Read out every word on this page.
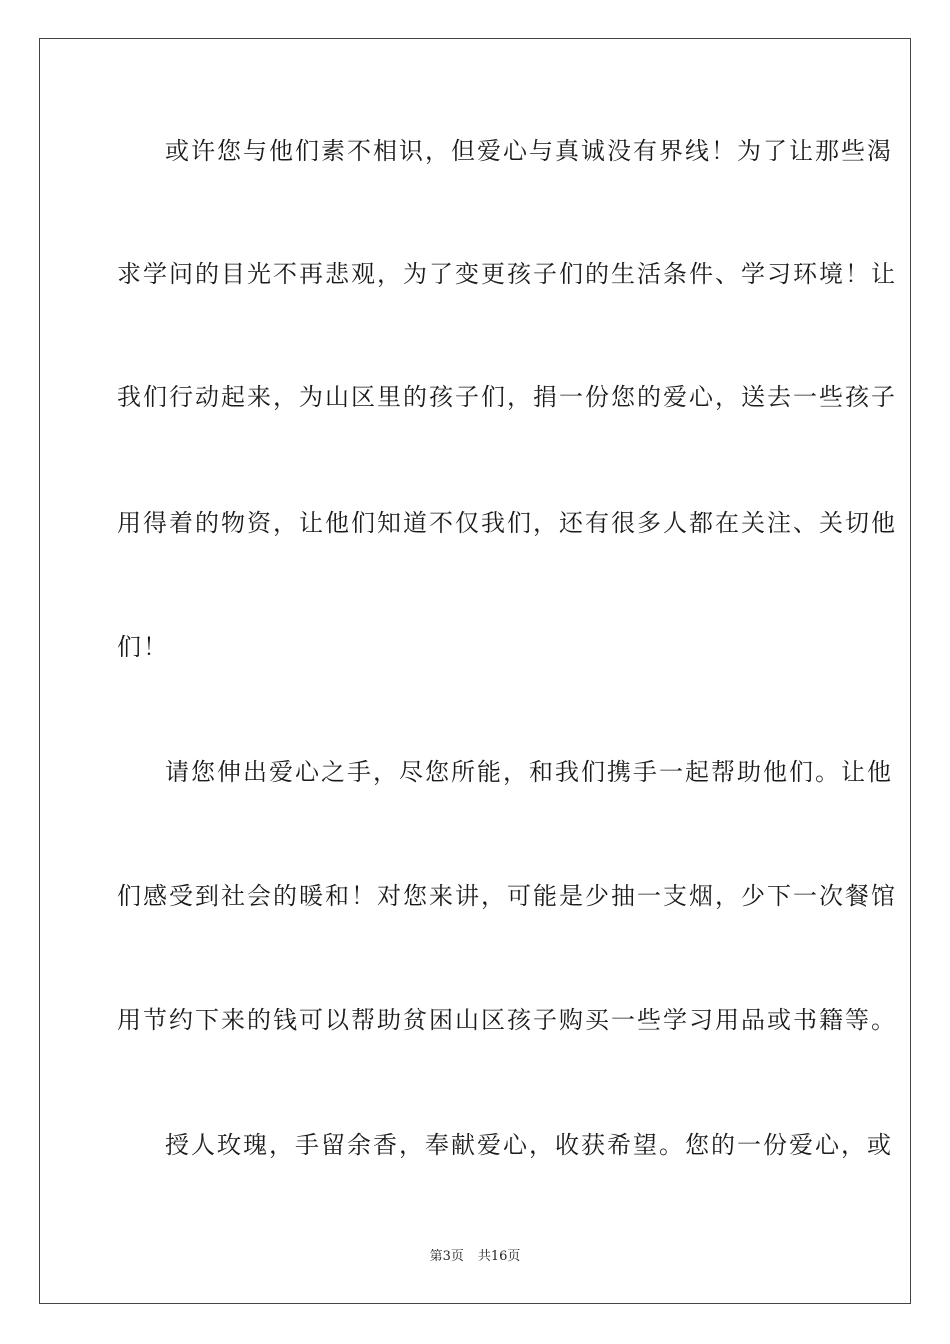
或许您与他们素不相识，但爱心与真诚没有界线！为了让那些渴
求学问的目光不再悲观，为了变更孩子们的生活条件、学习环境！让
我们行动起来，为山区里的孩子们，捐一份您的爱心，送去一些孩子
用得着的物资，让他们知道不仅我们，还有很多人都在关注、关切他
们！
请您伸出爱心之手，尽您所能，和我们携手一起帮助他们。让他
们感受到社会的暖和！对您来讲，可能是少抽一支烟，少下一次餐馆
用节约下来的钱可以帮助贫困山区孩子购买一些学习用品或书籍等。
授人玫瑰，手留余香，奉献爱心，收获希望。您的一份爱心，或
第3页 共16页
